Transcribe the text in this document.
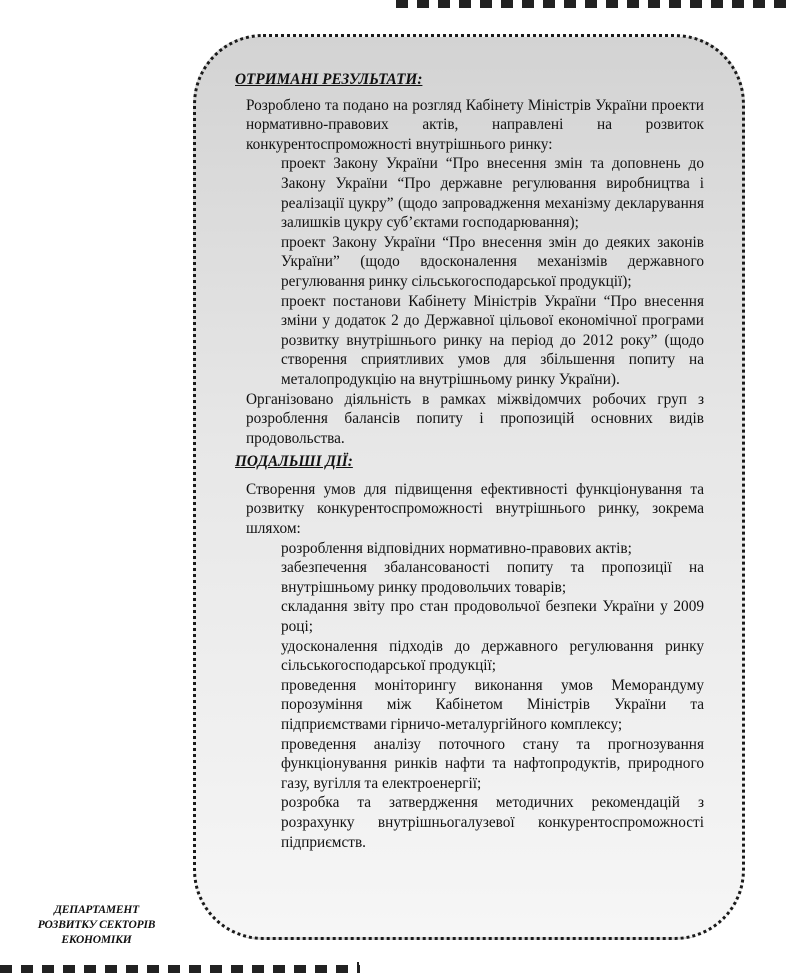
ОТРИМАНІ РЕЗУЛЬТАТИ:

Розроблено та подано на розгляд Кабінету Міністрів України проекти нормативно-правових актів, направлені на розвиток конкурентоспроможності внутрішнього ринку:

проект Закону України “Про внесення змін та доповнень до Закону України “Про державне регулювання виробництва і реалізації цукру” (щодо запровадження механізму декларування залишків цукру суб’єктами господарювання);

проект Закону України “Про внесення змін до деяких законів України” (щодо вдосконалення механізмів державного регулювання ринку сільськогосподарської продукції);

проект постанови Кабінету Міністрів України “Про внесення зміни у додаток 2 до Державної цільової економічної програми розвитку внутрішнього ринку на період до 2012 року” (щодо створення сприятливих умов для збільшення попиту на металопродукцію на внутрішньому ринку України).

Організовано діяльність в рамках міжвідомчих робочих груп з розроблення балансів попиту і пропозицій основних видів продовольства.

ПОДАЛЬШІ ДІЇ:

Створення умов для підвищення ефективності функціонування та розвитку конкурентоспроможності внутрішнього ринку, зокрема шляхом:

розроблення відповідних нормативно-правових актів;

забезпечення збалансованості попиту та пропозиції на внутрішньому ринку продовольчих товарів;

складання звіту про стан продовольчої безпеки України у 2009 році;

удосконалення підходів до державного регулювання ринку сільськогосподарської продукції;

проведення моніторингу виконання умов Меморандуму порозуміння між Кабінетом Міністрів України та підприємствами гірничо-металургійного комплексу;

проведення аналізу поточного стану та прогнозування функціонування ринків нафти та нафтопродуктів, природного газу, вугілля та електроенергії;

розробка та затвердження методичних рекомендацій з розрахунку внутрішньогалузевої конкурентоспроможності підприємств.

ДЕПАРТАМЕНТ
РОЗВИТКУ СЕКТОРІВ
ЕКОНОМІКИ
